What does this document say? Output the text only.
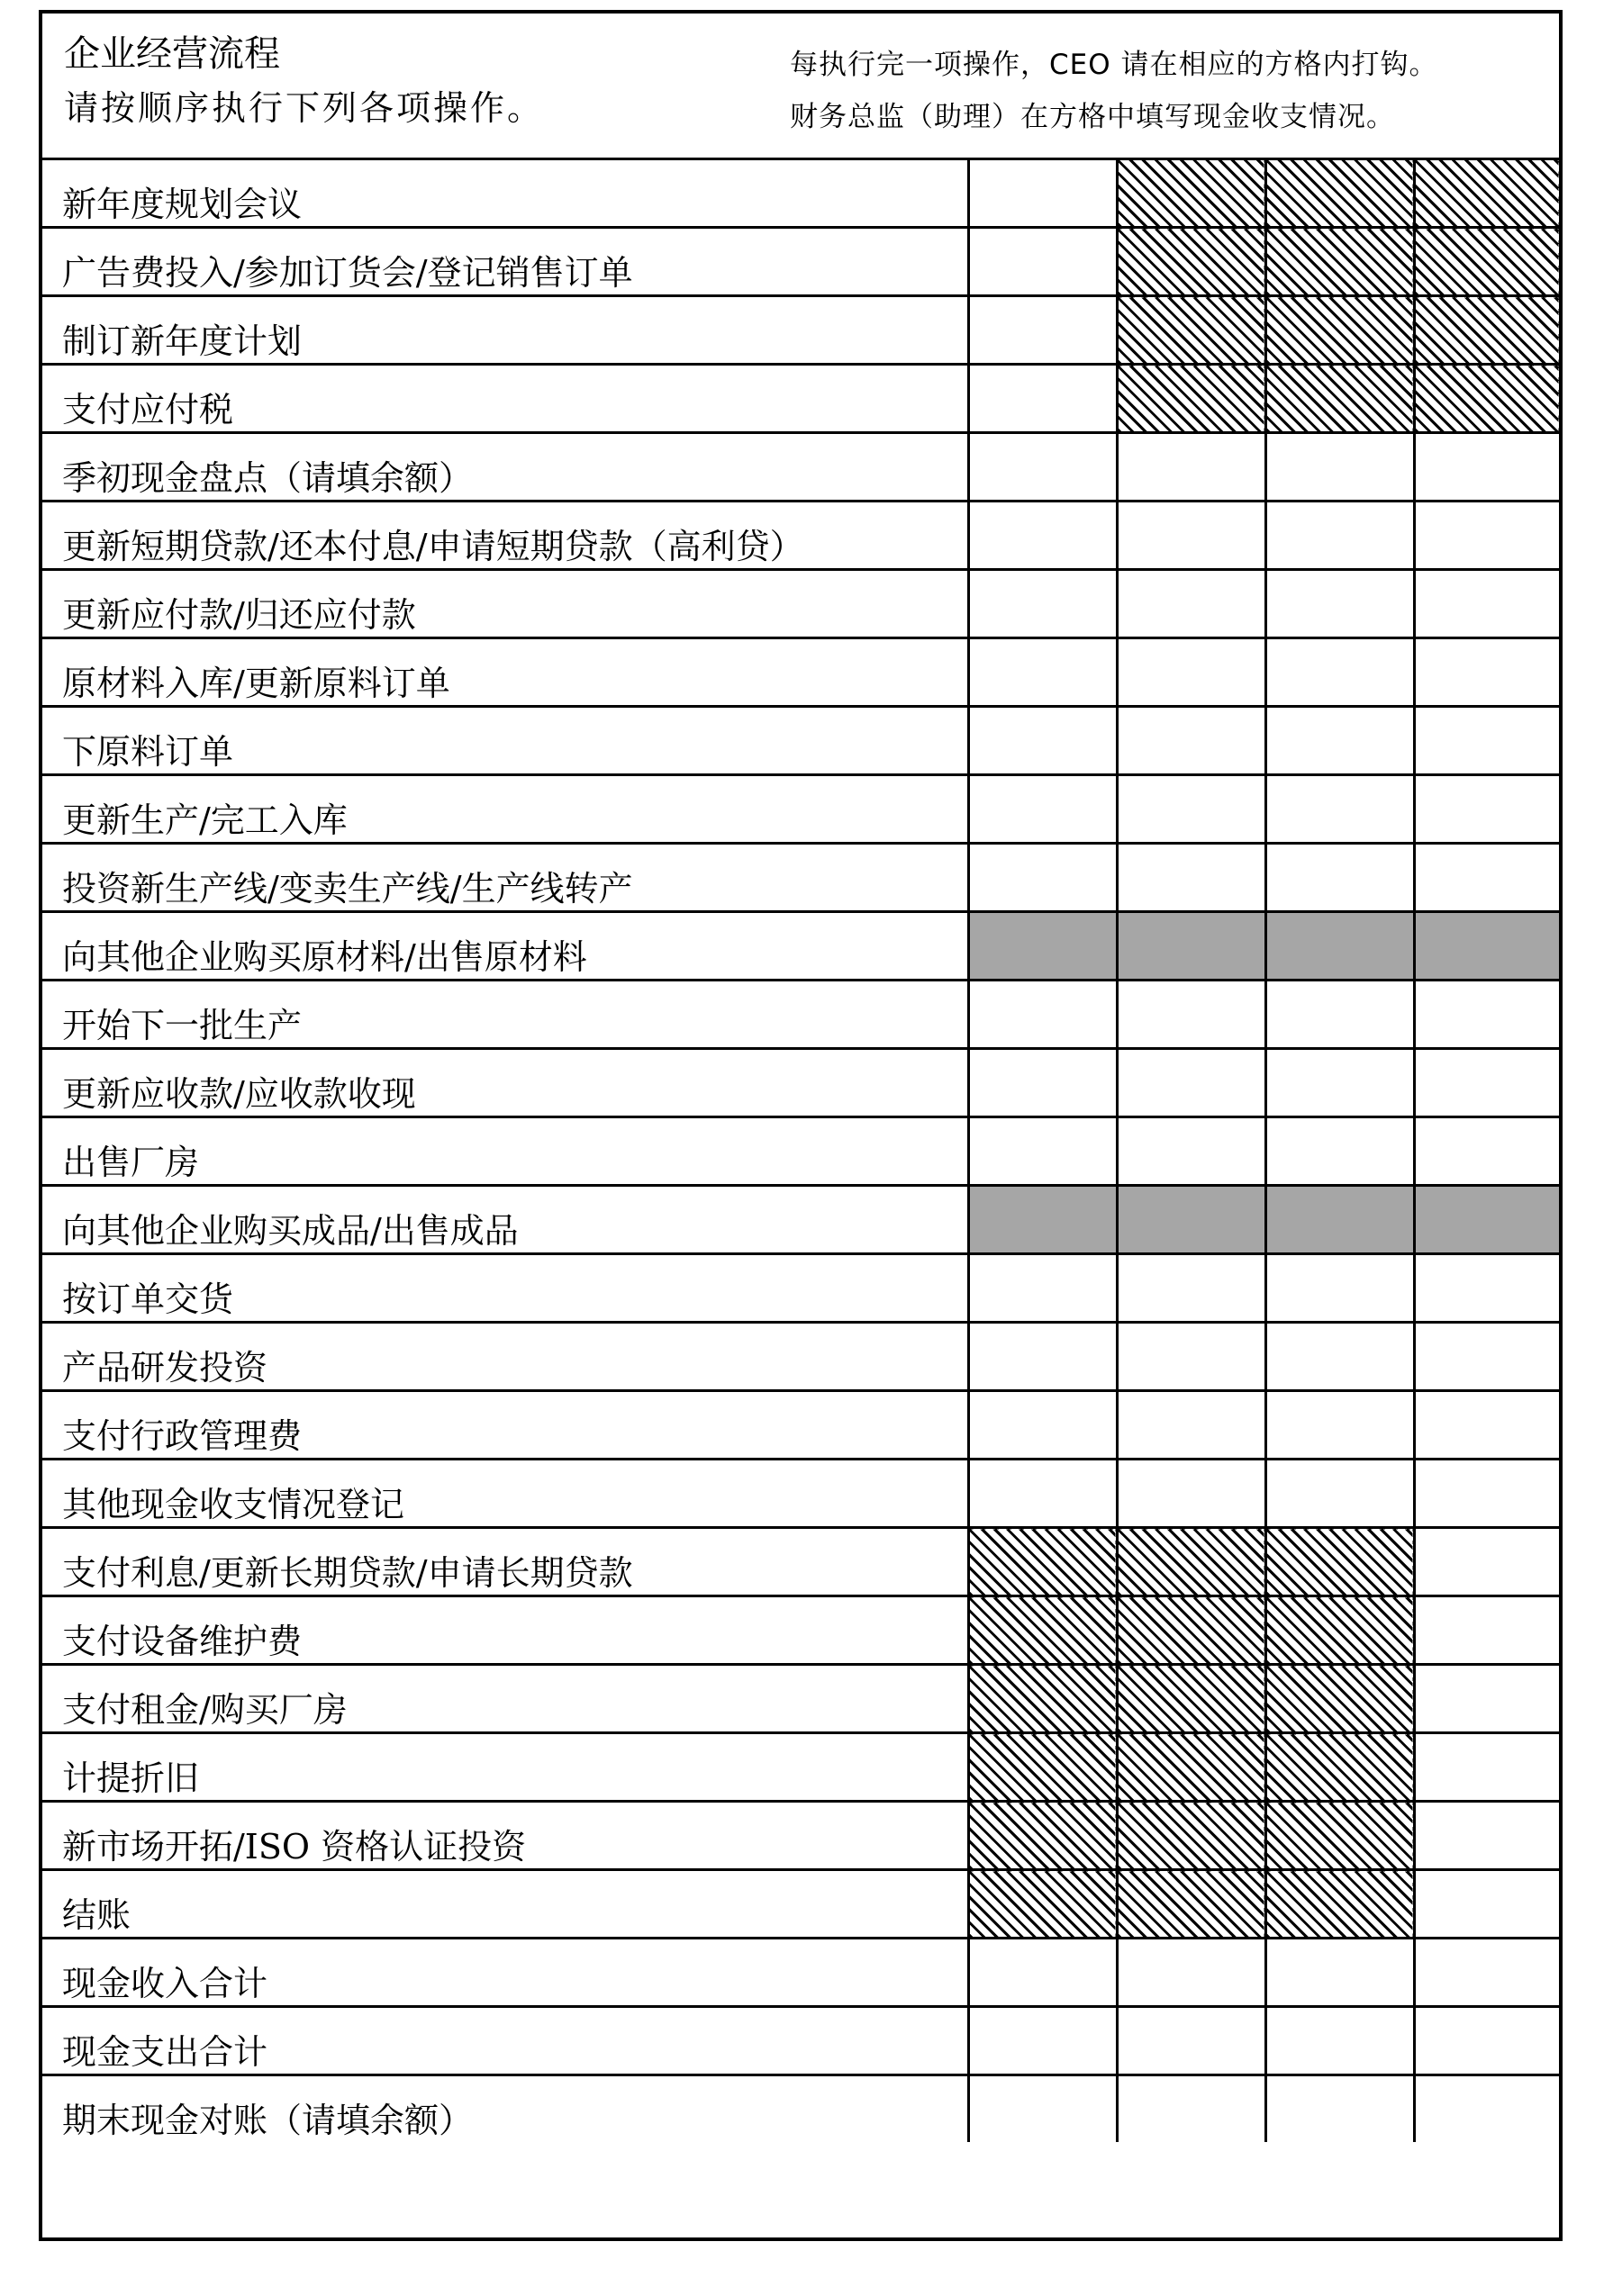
企业经营流程
请按顺序执行下列各项操作。
每执行完一项操作，CEO 请在相应的方格内打钩。
财务总监（助理）在方格中填写现金收支情况。
新年度规划会议				
广告费投入/参加订货会/登记销售订单				
制订新年度计划				
支付应付税				
季初现金盘点（请填余额）				
更新短期贷款/还本付息/申请短期贷款（高利贷）				
更新应付款/归还应付款				
原材料入库/更新原料订单				
下原料订单				
更新生产/完工入库				
投资新生产线/变卖生产线/生产线转产				
向其他企业购买原材料/出售原材料				
开始下一批生产				
更新应收款/应收款收现				
出售厂房				
向其他企业购买成品/出售成品				
按订单交货				
产品研发投资				
支付行政管理费				
其他现金收支情况登记				
支付利息/更新长期贷款/申请长期贷款				
支付设备维护费				
支付租金/购买厂房				
计提折旧				
新市场开拓/ISO 资格认证投资				
结账				
现金收入合计				
现金支出合计				
期末现金对账（请填余额）				
